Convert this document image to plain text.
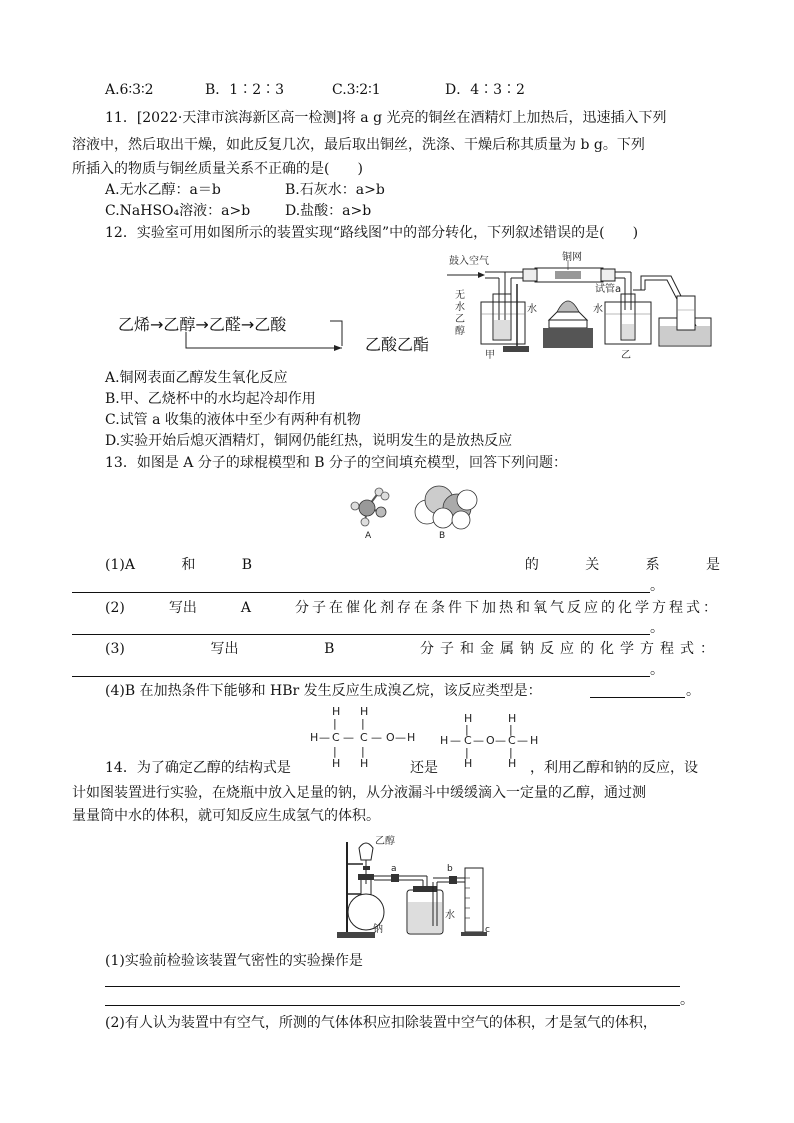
A.6∶3∶2	B．1∶2∶3	C.3∶2∶1	D．4∶3∶2
11．[2022·天津市滨海新区高一检测]将 a g 光亮的铜丝在酒精灯上加热后，迅速插入下列
溶液中，然后取出干燥，如此反复几次，最后取出铜丝，洗涤、干燥后称其质量为 b g。下列
所插入的物质与铜丝质量关系不正确的是(　　)
A.无水乙醇：a＝b	B.石灰水：a>b
C.NaHSO₄溶液：a>b D.盐酸：a>b
12．实验室可用如图所示的装置实现“路线图”中的部分转化，下列叙述错误的是(　　)
乙烯→乙醇→乙醛→乙酸
乙酸乙酯
鼓入空气	铜网
无
水
乙
醇
水	水
试管a
甲	乙
A.铜网表面乙醇发生氧化反应
B.甲、乙烧杯中的水均起冷却作用
C.试管 a 收集的液体中至少有两种有机物
D.实验开始后熄灭酒精灯，铜网仍能红热，说明发生的是放热反应
13．如图是 A 分子的球棍模型和 B 分子的空间填充模型，回答下列问题：
A	B
(1)A	和	B	的	关	系	是
。
(2)	写出	A	分子在催化剂存在条件下加热和氧气反应的化学方程式：
。
(3)	写出	B	分子和金属钠反应的化学方程式：
。
(4)B 在加热条件下能够和 HBr 发生反应生成溴乙烷，该反应类型是：	。
H H
| |
H — C — C — O — H
| |
H H
H	H
|	|
H — C — O — C — H
|	|
H	H
14．为了确定乙醇的结构式是	还是	，利用乙醇和钠的反应，设
计如图装置进行实验，在烧瓶中放入足量的钠，从分液漏斗中缓缓滴入一定量的乙醇，通过测
量量筒中水的体积，就可知反应生成氢气的体积。
乙醇
a	b
钠
水
c
(1)实验前检验该装置气密性的实验操作是
。
(2)有人认为装置中有空气，所测的气体体积应扣除装置中空气的体积，才是氢气的体积，
